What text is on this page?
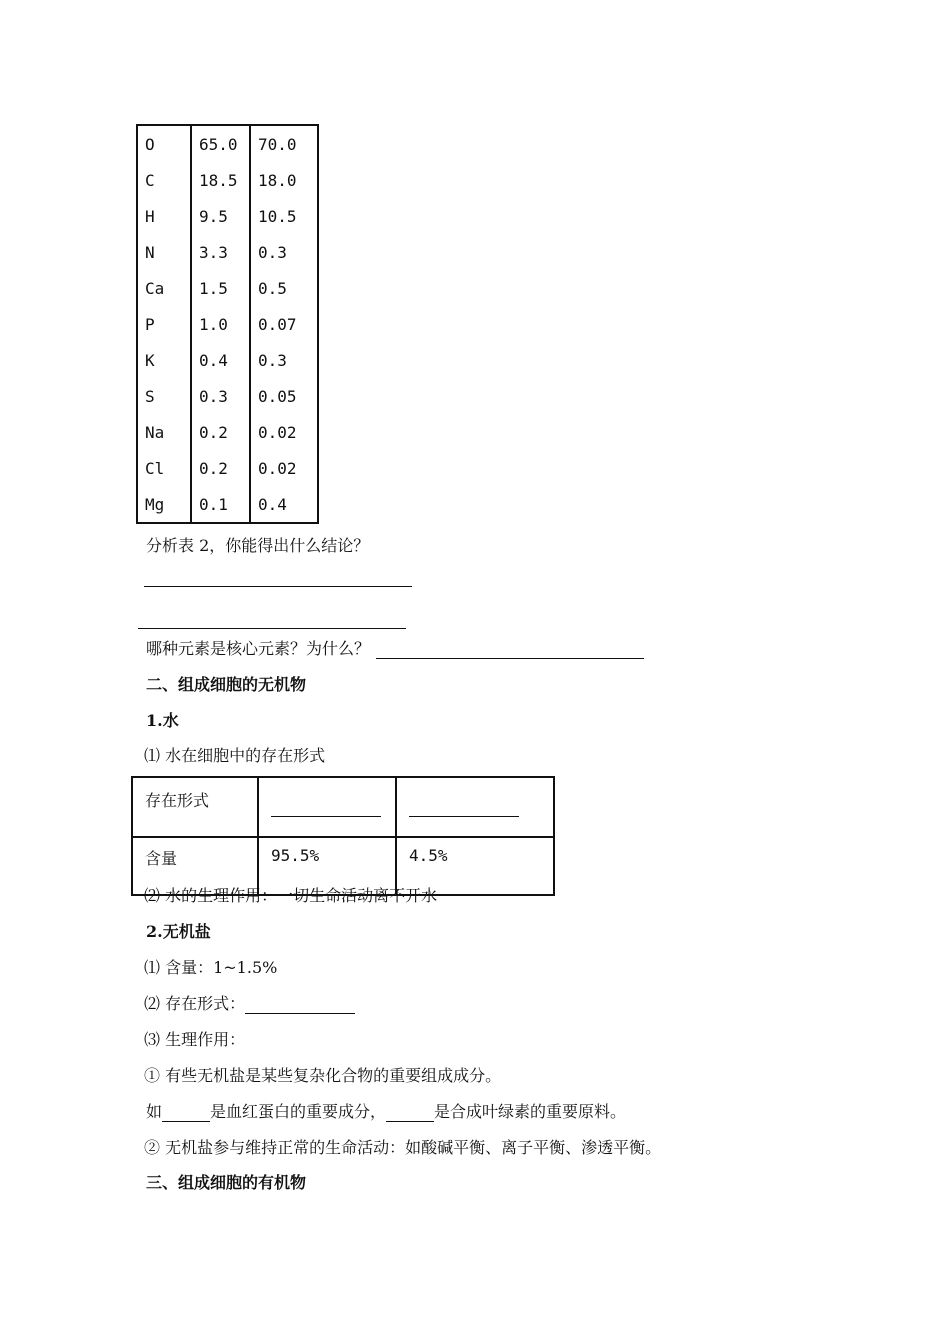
O	65.0	70.0
C	18.5	18.0
H	9.5	10.5
N	3.3	0.3
Ca	1.5	0.5
P	1.0	0.07
K	0.4	0.3
S	0.3	0.05
Na	0.2	0.02
Cl	0.2	0.02
Mg	0.1	0.4
分析表 2，你能得出什么结论？
哪种元素是核心元素？为什么？
二、组成细胞的无机物
1.水
⑴ 水在细胞中的存在形式
存在形式		
含量	95.5%	4.5%
⑵ 水的生理作用：一切生命活动离不开水
2.无机盐
⑴ 含量：1~1.5%
⑵ 存在形式：
⑶ 生理作用：
① 有些无机盐是某些复杂化合物的重要组成成分。
如	是血红蛋白的重要成分，	是合成叶绿素的重要原料。
② 无机盐参与维持正常的生命活动：如酸碱平衡、离子平衡、渗透平衡。
三、组成细胞的有机物
